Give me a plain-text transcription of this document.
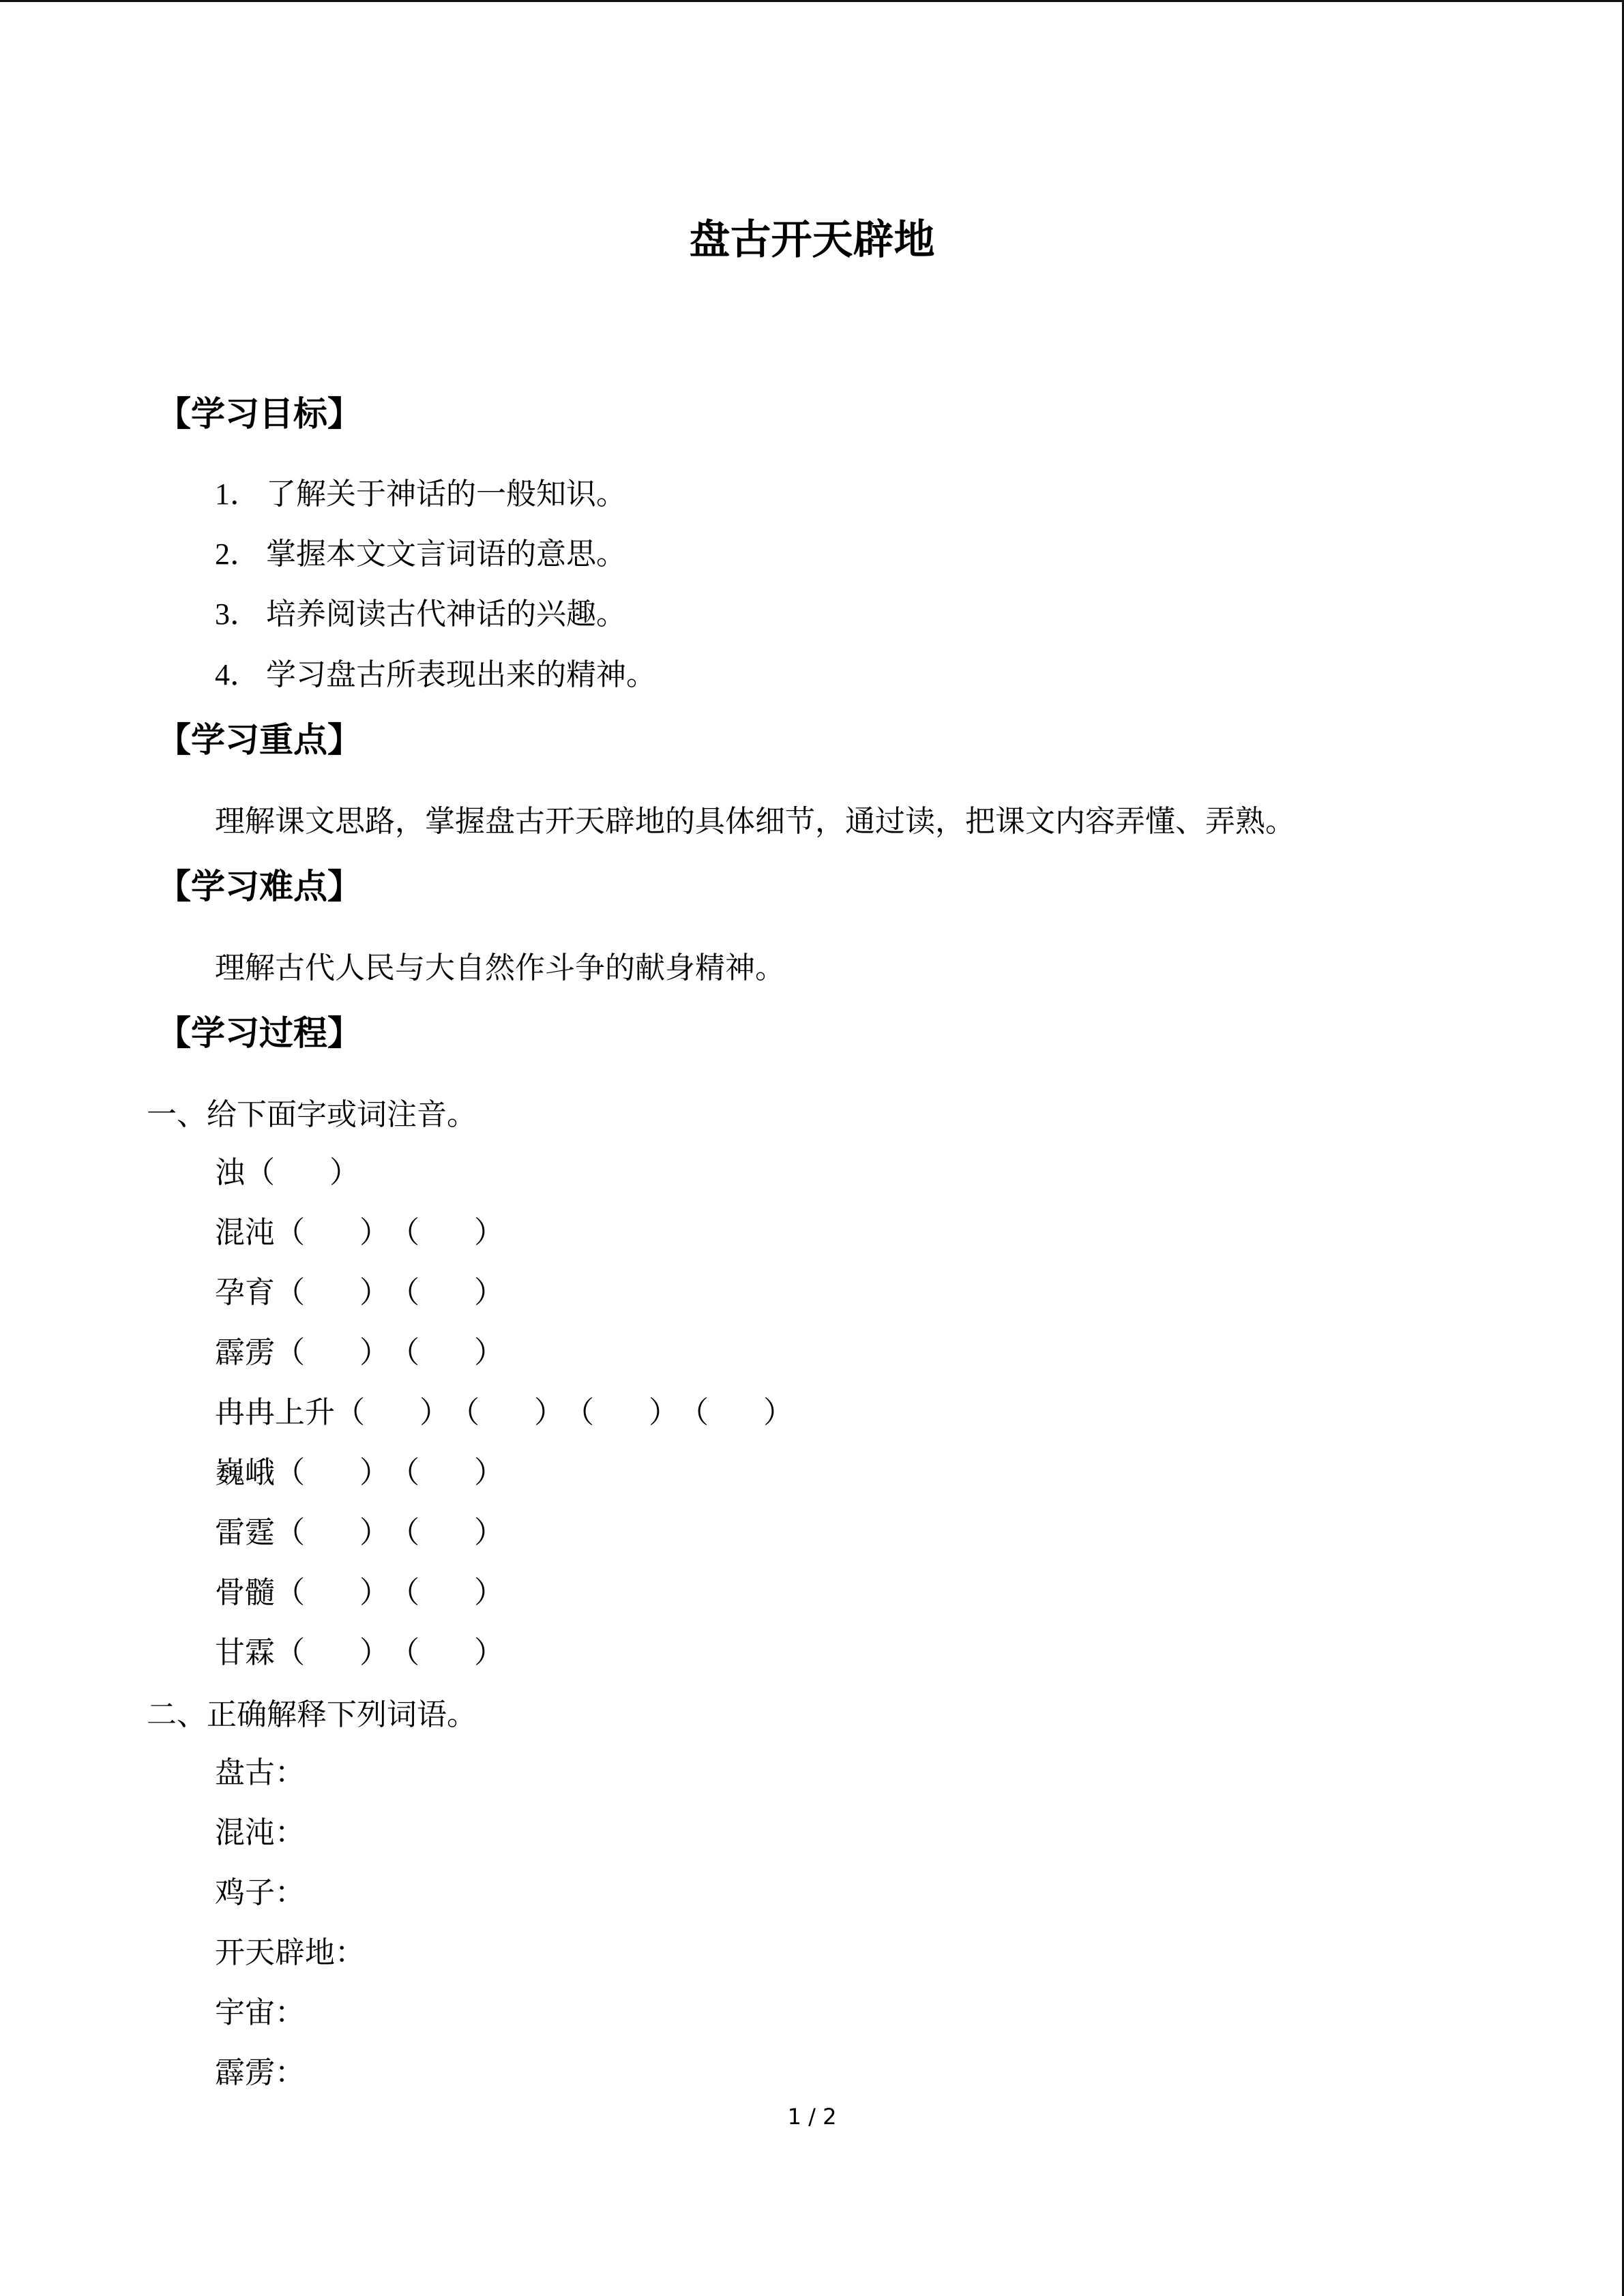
盘古开天辟地
【学习目标】
1． 了解关于神话的一般知识。
2． 掌握本文文言词语的意思。
3． 培养阅读古代神话的兴趣。
4． 学习盘古所表现出来的精神。
【学习重点】
理解课文思路，掌握盘古开天辟地的具体细节，通过读，把课文内容弄懂、弄熟。
【学习难点】
理解古代人民与大自然作斗争的献身精神。
【学习过程】
一、给下面字或词注音。
浊 （ ）

混沌 （ ）
（ ）

孕育 （ ）
（ ）

霹雳 （ ）
（ ）

冉冉上升 （ ）
（ ）
（ ）
（ ）

巍峨 （ ）
（ ）

雷霆 （ ）
（ ）

骨髓 （ ）
（ ）

甘霖 （ ）
（ ）

二、正确解释下列词语。
盘古：
混沌：
鸡子：
开天辟地：
宇宙：
霹雳：
1 / 2
